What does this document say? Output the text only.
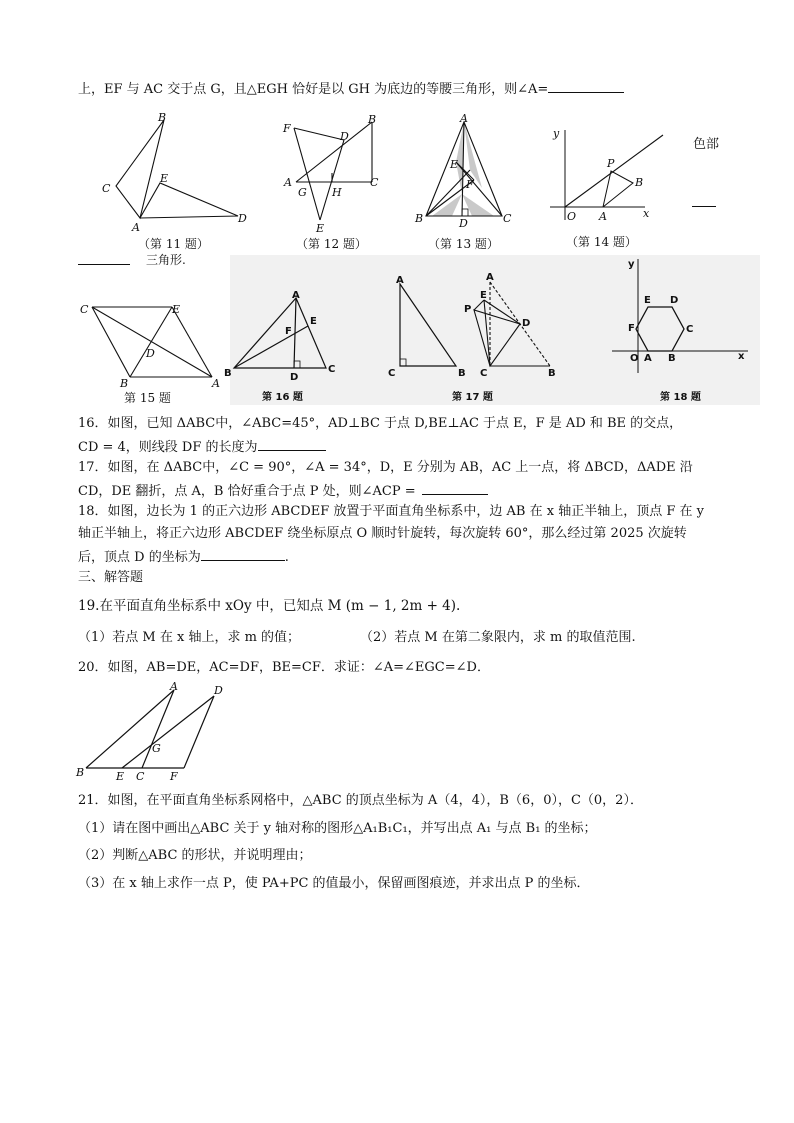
上，EF 与 AC 交于点 G，且△EGH 恰好是以 GH 为底边的等腰三角形，则∠A=
色部
B
C
E
A
D
（第 11 题）
F
D
B
A
G H
C
E
（第 12 题）
A
E
F
B	D	C
（第 13 题）
y
P
B
O A	x
（第 14 题）
三角形.
C	E
D
B	A
第 15 题
A
F
E
B	D
C
第 16 题
A
C	B
A
E
P
D
C	B
第 17 题
y
E D
F	C
O A B	x
第 18 题
16．如图，已知 ΔABC中，∠ABC=45°，AD⊥BC 于点 D,BE⊥AC 于点 E，F 是 AD 和 BE 的交点，
CD = 4，则线段 DF 的长度为
17．如图，在 ΔABC中，∠C = 90°，∠A = 34°，D，E 分别为 AB，AC 上一点，将 ΔBCD，ΔADE 沿
CD，DE 翻折，点 A，B 恰好重合于点 P 处，则∠ACP =
18．如图，边长为 1 的正六边形 ABCDEF 放置于平面直角坐标系中，边 AB 在 x 轴正半轴上，顶点 F 在 y
轴正半轴上，将正六边形 ABCDEF 绕坐标原点 O 顺时针旋转，每次旋转 60°，那么经过第 2025 次旋转
后，顶点 D 的坐标为	.
三、解答题
19.在平面直角坐标系中 xOy 中，已知点 M (m − 1, 2m + 4).
（1）若点 M 在 x 轴上，求 m 的值；	（2）若点 M 在第二象限内，求 m 的取值范围.
20．如图，AB=DE，AC=DF，BE=CF．求证：∠A=∠EGC=∠D．
A	D
G
B	E C F
21．如图，在平面直角坐标系网格中，△ABC 的顶点坐标为 A（4，4），B（6，0），C（0，2）．
（1）请在图中画出△ABC 关于 y 轴对称的图形△A₁B₁C₁，并写出点 A₁ 与点 B₁ 的坐标；
（2）判断△ABC 的形状，并说明理由；
（3）在 x 轴上求作一点 P，使 PA+PC 的值最小，保留画图痕迹，并求出点 P 的坐标．
